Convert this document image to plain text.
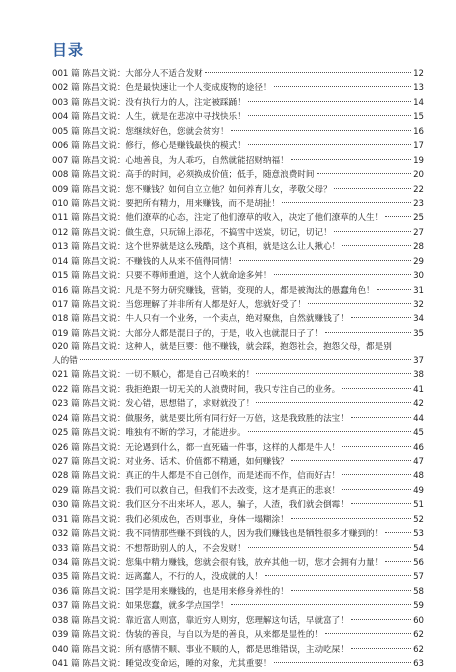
目录
001 篇 陈昌文说：大部分人不适合发财	12
002 篇 陈昌文说：色是最快速让一个人变成废物的途径！	13
003 篇 陈昌文说：没有执行力的人，注定被踩踊！	14
004 篇 陈昌文说：人生，就是在悲凉中寻找快乐！	15
005 篇 陈昌文说：您继续好色，您就会贫穷！	16
006 篇 陈昌文说：修行，修心是赚钱最快的模式！	17
007 篇 陈昌文说：心地善良，为人乖巧，自然就能招财纳福！	19
008 篇 陈昌文说：高手的时间，必须换成价值；低手，随意浪费时间	20
009 篇 陈昌文说：您不赚钱？如何自立立他？如何养育儿女，孝敬父母？	22
010 篇 陈昌文说：要把所有精力，用来赚钱，而不是胡扯！	23
011 篇 陈昌文说：他们潦草的心态，注定了他们潦草的收入，决定了他们潦草的人生！	25
012 篇 陈昌文说：做生意，只玩锦上添花，不搞雪中送炭，切记，切记！	27
013 篇 陈昌文说：这个世界就是这么残酷，这个真相，就是这么让人揪心！	28
014 篇 陈昌文说：不赚钱的人从来不值得同情！	29
015 篇 陈昌文说：只要不尊师重道，这个人就命途多舛！	30
016 篇 陈昌文说：凡是不努力研究赚钱，营销，变现的人，都是被淘汰的愚蠢角色！	31
017 篇 陈昌文说：当您理解了并非所有人都是好人，您就好受了！	32
018 篇 陈昌文说：牛人只有一个业务，一个卖点，绝对聚焦，自然就赚钱了！	34
019 篇 陈昌文说：大部分人都是混日子的，于是，收入也就混日子了！	35
020 篇 陈昌文说：这种人，就是巨婴：他不赚钱，就会踩，抱怨社会，抱怨父母，都是别
人的错	37
021 篇 陈昌文说：一切不顺心，都是自己召唤来的！	38
022 篇 陈昌文说：我拒绝跟一切无关的人浪费时间，我只专注自己的业务。	41
023 篇 陈昌文说：发心错，思想错了，求财就没了！	42
024 篇 陈昌文说：做服务，就是要比所有同行好一万倍，这是我致胜的法宝！	44
025 篇 陈昌文说：唯独有不断的学习，才能进步。	45
026 篇 陈昌文说：无论遇到什么，都一直死磕一件事，这样的人都是牛人！	46
027 篇 陈昌文说：对业务、话术、价值都不精通，如何赚钱？	47
028 篇 陈昌文说：真正的牛人都是不自己创作，而是述而不作，信而好古！	48
029 篇 陈昌文说：我们可以救自己，但我们不去改变，这才是真正的悲哀！	49
030 篇 陈昌文说：我们区分不出来坏人，恶人，骗子，人渣，我们就会倒霉！	51
031 篇 陈昌文说：我们必须成色，否则事业，身体一塌糊涂！	52
032 篇 陈昌文说：我不同情那些赚不到钱的人，因为我们赚钱也是牺牲很多才赚到的！	53
033 篇 陈昌文说：不想帮助别人的人，不会发财！	54
034 篇 陈昌文说：您集中精力赚钱，您就会很有钱，放弃其他一切，您才会拥有力量！	56
035 篇 陈昌文说：远离蠢人，不行的人，没成就的人！	57
036 篇 陈昌文说：国学是用来赚钱的，也是用来修身养性的！	58
037 篇 陈昌文说：如果您蠢，就多学点国学！	59
038 篇 陈昌文说：靠近富人则富，靠近穷人则穷，您理解这句话，早就富了！	60
039 篇 陈昌文说：伪装的善良，与自以为是的善良，从来都是显性的！	62
040 篇 陈昌文说：所有感情不顺、事业不顺的人，都是思维错误，主动吃屎！	62
041 篇 陈昌文说：睡觉改变命运，睡的对象，尤其重要！	63
